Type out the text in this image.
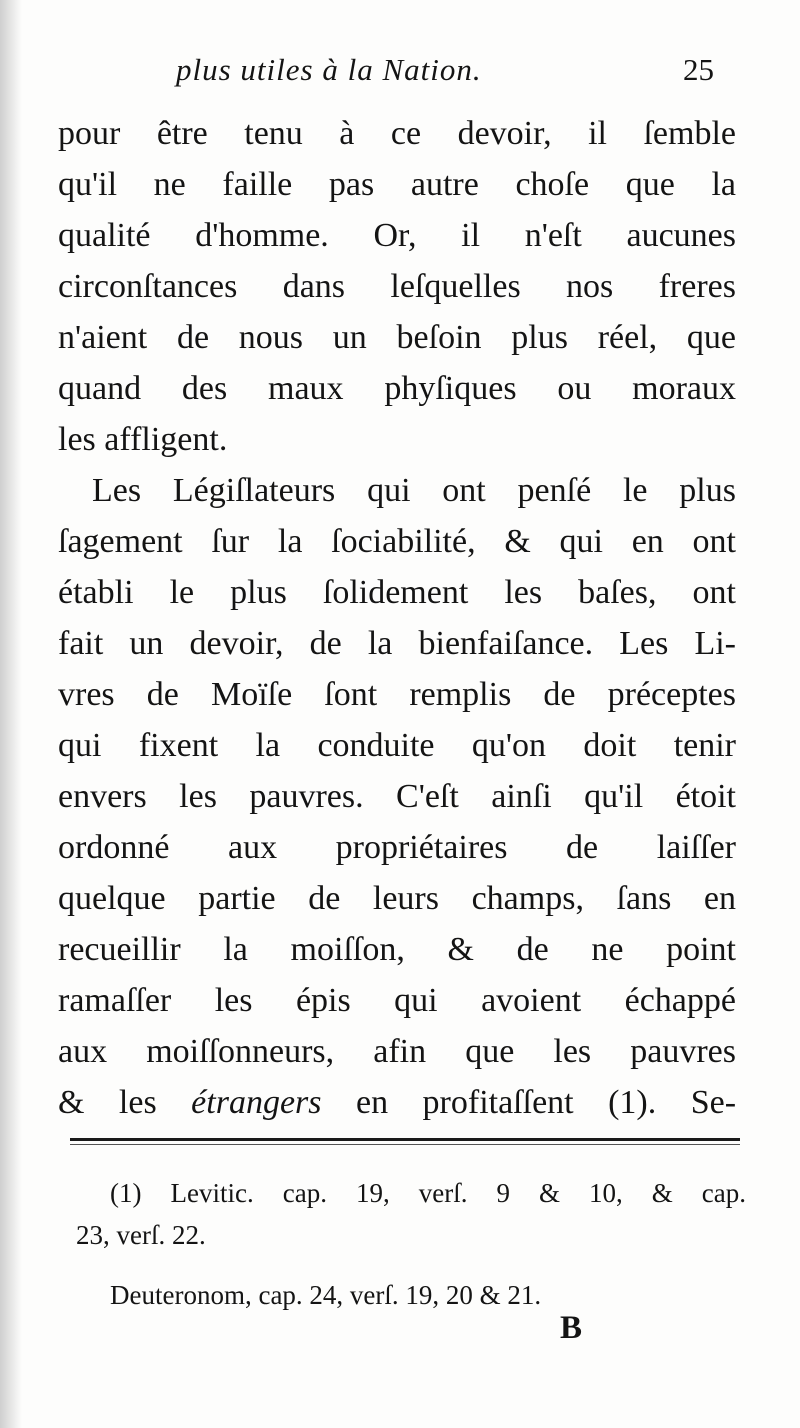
plus utiles à la Nation.	25
pour être tenu à ce devoir, il ſemble
qu'il ne faille pas autre choſe que la
qualité d'homme. Or, il n'eſt aucunes
circonſtances dans leſquelles nos freres
n'aient de nous un beſoin plus réel, que
quand des maux phyſiques ou moraux
les affligent.
Les Légiſlateurs qui ont penſé le plus
ſagement ſur la ſociabilité, & qui en ont
établi le plus ſolidement les baſes, ont
fait un devoir, de la bienfaiſance. Les Li-
vres de Moïſe ſont remplis de préceptes
qui fixent la conduite qu'on doit tenir
envers les pauvres. C'eſt ainſi qu'il étoit
ordonné aux propriétaires de laiſſer
quelque partie de leurs champs, ſans en
recueillir la moiſſon, & de ne point
ramaſſer les épis qui avoient échappé
aux moiſſonneurs, afin que les pauvres
& les étrangers en profitaſſent (1). Se-
(1) Levitic. cap. 19, verſ. 9 & 10, & cap.
23, verſ. 22.
Deuteronom, cap. 24, verſ. 19, 20 & 21.
B
